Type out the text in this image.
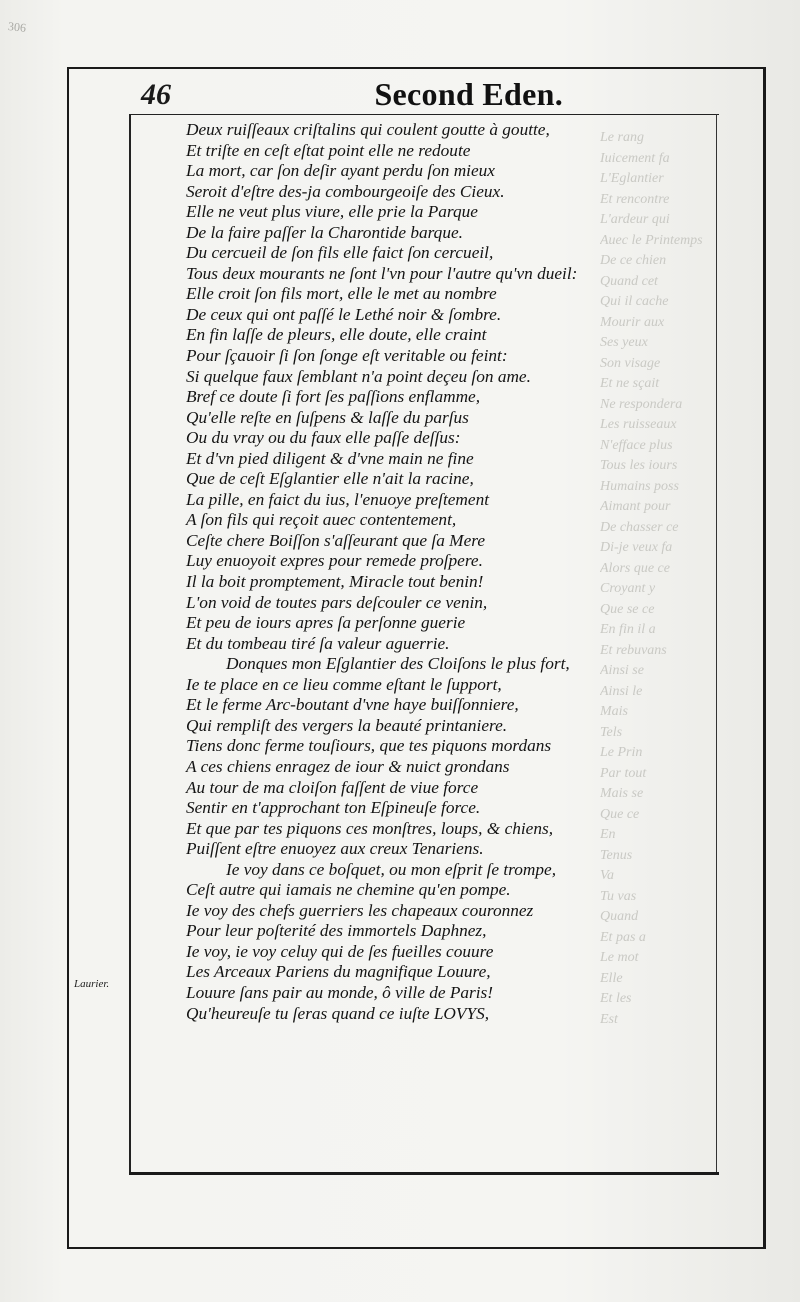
306
Le rang
Iuicement fa
L'Eglantier
Et rencontre
L'ardeur qui
Auec le Printemps
De ce chien
Quand cet
Qui il cache
Mourir aux
Ses yeux
Son visage
Et ne sçait
Ne respondera
Les ruisseaux
N'efface plus
Tous les iours
Humains poss
Aimant pour
De chasser ce
Di-je veux fa
Alors que ce
Croyant y
Que se ce
En fin il a
Et rebuvans
Ainsi se
Ainsi le
Mais
Tels
Le Prin
Par tout
Mais se
Que ce
En
Tenus
Va
Tu vas
Quand
Et pas a
Le mot
Elle
Et les
Est
46	Second Eden.
Laurier.
Deux ruiſſeaux criſtalins qui coulent goutte à goutte,
Et triſte en ceſt eſtat point elle ne redoute
La mort, car ſon deſir ayant perdu ſon mieux
Seroit d'eſtre des-ja combourgeoiſe des Cieux.
Elle ne veut plus viure, elle prie la Parque
De la faire paſſer la Charontide barque.
Du cercueil de ſon fils elle faict ſon cercueil,
Tous deux mourants ne ſont l'vn pour l'autre qu'vn dueil:
Elle croit ſon fils mort, elle le met au nombre
De ceux qui ont paſſé le Lethé noir & ſombre.
En fin laſſe de pleurs, elle doute, elle craint
Pour ſçauoir ſi ſon ſonge eſt veritable ou feint:
Si quelque faux ſemblant n'a point deçeu ſon ame.
Bref ce doute ſi fort ſes paſſions enflamme,
Qu'elle reſte en ſuſpens & laſſe du parſus
Ou du vray ou du faux elle paſſe deſſus:
Et d'vn pied diligent & d'vne main ne fine
Que de ceſt Eſglantier elle n'ait la racine,
La pille, en faict du ius, l'enuoye preſtement
A ſon fils qui reçoit auec contentement,
Ceſte chere Boiſſon s'aſſeurant que ſa Mere
Luy enuoyoit expres pour remede proſpere.
Il la boit promptement, Miracle tout benin!
L'on void de toutes pars deſcouler ce venin,
Et peu de iours apres ſa perſonne guerie
Et du tombeau tiré ſa valeur aguerrie.
Donques mon Eſglantier des Cloiſons le plus fort,
Ie te place en ce lieu comme eſtant le ſupport,
Et le ferme Arc-boutant d'vne haye buiſſonniere,
Qui rempliſt des vergers la beauté printaniere.
Tiens donc ferme touſiours, que tes piquons mordans
A ces chiens enragez de iour & nuict grondans
Au tour de ma cloiſon faſſent de viue force
Sentir en t'approchant ton Eſpineuſe force.
Et que par tes piquons ces monſtres, loups, & chiens,
Puiſſent eſtre enuoyez aux creux Tenariens.
Ie voy dans ce boſquet, ou mon eſprit ſe trompe,
Ceſt autre qui iamais ne chemine qu'en pompe.
Ie voy des chefs guerriers les chapeaux couronnez
Pour leur poſterité des immortels Daphnez,
Ie voy, ie voy celuy qui de ſes fueilles couure
Les Arceaux Pariens du magnifique Louure,
Louure ſans pair au monde, ô ville de Paris!
Qu'heureuſe tu ſeras quand ce iuſte LOVYS,
